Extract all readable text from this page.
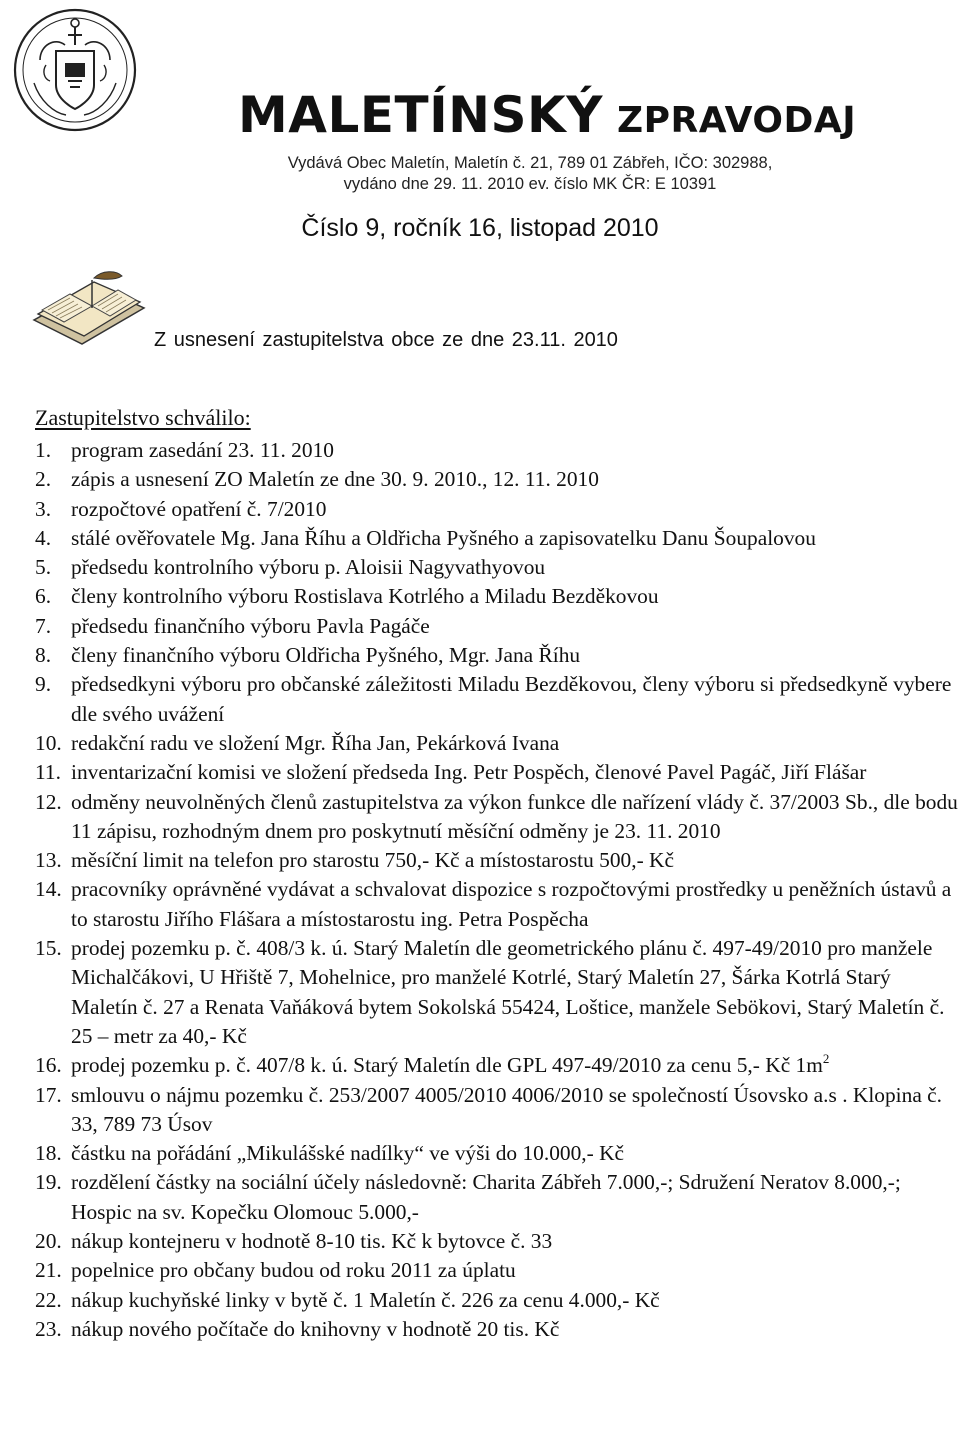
MALETÍNSKÝ ZPRAVODAJ
Vydává Obec Maletín, Maletín č. 21, 789 01 Zábřeh, IČO: 302988,
vydáno dne 29. 11. 2010 ev. číslo MK ČR: E 10391
Číslo 9, ročník 16, listopad 2010
Z usnesení zastupitelstva obce ze dne 23.11. 2010
Zastupitelstvo schválilo:
1. program zasedání 23. 11. 2010
2. zápis a usnesení ZO Maletín ze dne 30. 9. 2010., 12. 11. 2010
3. rozpočtové opatření č. 7/2010
4. stálé ověřovatele Mg. Jana Říhu a Oldřicha Pyšného a zapisovatelku Danu Šoupalovou
5. předsedu kontrolního výboru p. Aloisii Nagyvathyovou
6. členy kontrolního výboru Rostislava Kotrlého a Miladu Bezděkovou
7. předsedu finančního výboru Pavla Pagáče
8. členy finančního výboru Oldřicha Pyšného, Mgr. Jana Říhu
9. předsedkyni výboru pro občanské záležitosti Miladu Bezděkovou, členy výboru si předsedkyně vybere dle svého uvážení
10. redakční radu ve složení Mgr. Říha Jan, Pekárková Ivana
11. inventarizační komisi ve složení předseda Ing. Petr Pospěch, členové Pavel Pagáč, Jiří Flášar
12. odměny neuvolněných členů zastupitelstva za výkon funkce dle nařízení vlády č. 37/2003 Sb., dle bodu 11 zápisu, rozhodným dnem pro poskytnutí měsíční odměny je 23. 11. 2010
13. měsíční limit na telefon pro starostu 750,- Kč a místostarostu 500,- Kč
14. pracovníky oprávněné vydávat a schvalovat dispozice s rozpočtovými prostředky u peněžních ústavů a to starostu Jiřího Flášara a místostarostu ing. Petra Pospěcha
15. prodej pozemku p. č. 408/3 k. ú. Starý Maletín dle geometrického plánu č. 497-49/2010 pro manžele Michalčákovi, U Hřiště 7, Mohelnice, pro manželé Kotrlé, Starý Maletín 27, Šárka Kotrlá Starý Maletín č. 27 a Renata Vaňáková bytem Sokolská 55424, Loštice, manžele Sebökovi, Starý Maletín č. 25 – metr za 40,- Kč
16. prodej pozemku p. č. 407/8 k. ú. Starý Maletín dle GPL 497-49/2010 za cenu 5,- Kč $1m^2$
17. smlouvu o nájmu pozemku č. 253/2007 4005/2010 4006/2010 se společností Úsovsko a.s . Klopina č. 33, 789 73 Úsov
18. částku na pořádání „Mikulášské nadílky“ ve výši do 10.000,- Kč
19. rozdělení částky na sociální účely následovně: Charita Zábřeh 7.000,-; Sdružení Neratov 8.000,-; Hospic na sv. Kopečku Olomouc 5.000,-
20. nákup kontejneru v hodnotě 8-10 tis. Kč k bytovce č. 33
21. popelnice pro občany budou od roku 2011 za úplatu
22. nákup kuchyňské linky v bytě č. 1 Maletín č. 226 za cenu 4.000,- Kč
23. nákup nového počítače do knihovny v hodnotě 20 tis. Kč
